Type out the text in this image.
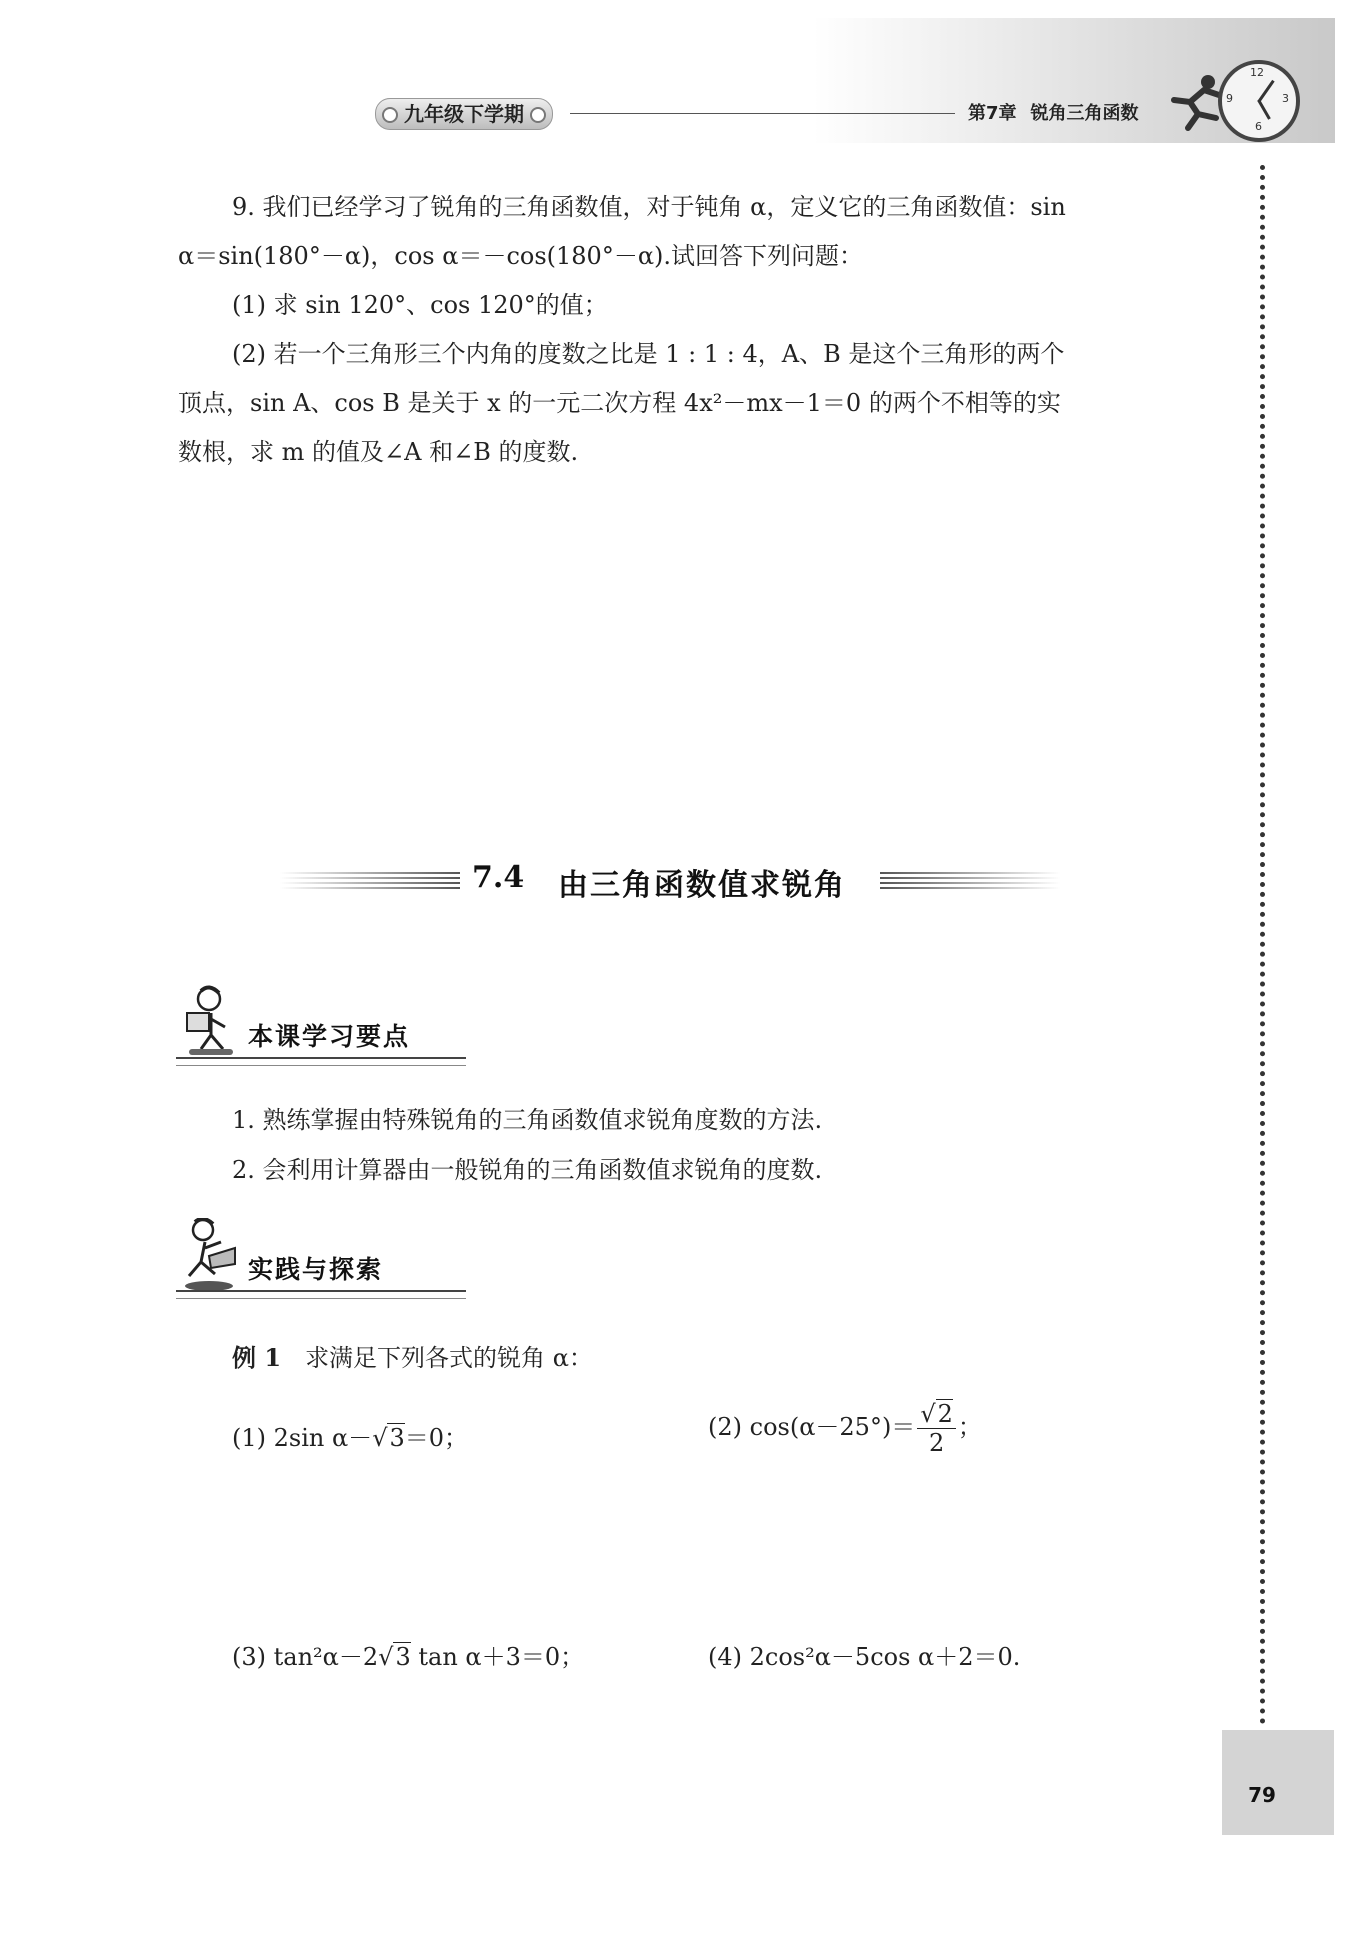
九年级下学期	第7章 锐角三角函数
12
3
6
9
79

9. 我们已经学习了锐角的三角函数值，对于钝角 α，定义它的三角函数值：sin

α＝sin(180°－α)，cos α＝－cos(180°－α).试回答下列问题：

(1) 求 sin 120°、cos 120°的值；

(2) 若一个三角形三个内角的度数之比是 1 : 1 : 4，A、B 是这个三角形的两个

顶点，sin A、cos B 是关于 x 的一元二次方程 4x²－mx－1＝0 的两个不相等的实

数根，求 m 的值及∠A 和∠B 的度数.

7.4 由三角函数值求锐角
本课学习要点

1. 熟练掌握由特殊锐角的三角函数值求锐角度数的方法.

2. 会利用计算器由一般锐角的三角函数值求锐角的度数.

实践与探索
例 1 求满足下列各式的锐角 α：
(1) 2sin α－√3＝0；	(2) $\cos(\alpha-25^\circ)= \frac{√2}{2}$ ；
(3) tan²α－2√3 tan α＋3＝0；	(4) 2cos²α－5cos α＋2＝0.
